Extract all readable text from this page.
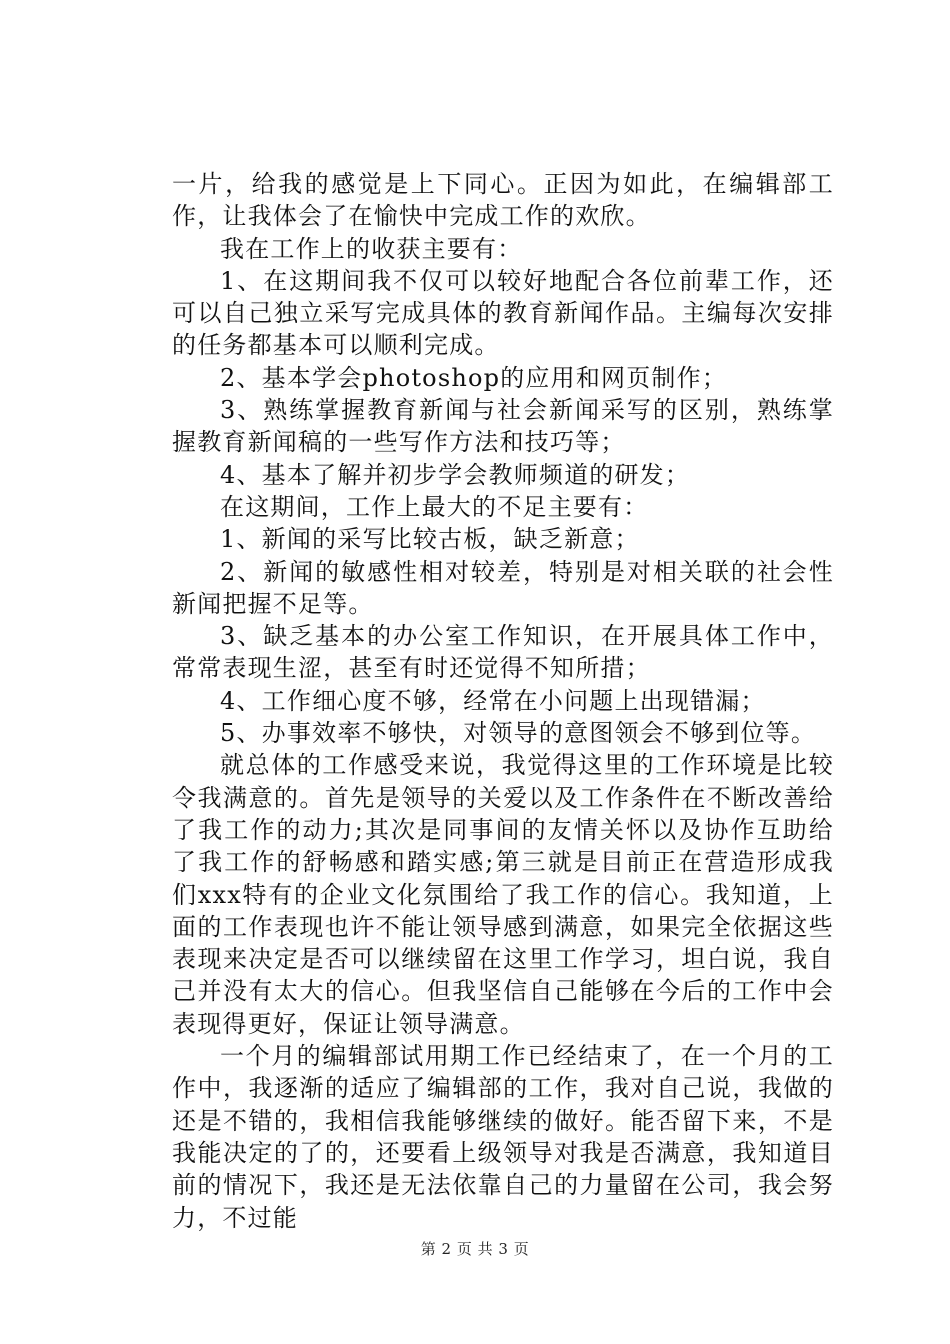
一片，给我的感觉是上下同心。正因为如此，在编辑部工作，让我体会了在愉快中完成工作的欢欣。

我在工作上的收获主要有：

1、在这期间我不仅可以较好地配合各位前辈工作，还可以自己独立采写完成具体的教育新闻作品。主编每次安排的任务都基本可以顺利完成。

2、基本学会photoshop的应用和网页制作；

3、熟练掌握教育新闻与社会新闻采写的区别，熟练掌握教育新闻稿的一些写作方法和技巧等；

4、基本了解并初步学会教师频道的研发；

在这期间，工作上最大的不足主要有：

1、新闻的采写比较古板，缺乏新意；

2、新闻的敏感性相对较差，特别是对相关联的社会性新闻把握不足等。

3、缺乏基本的办公室工作知识，在开展具体工作中，常常表现生涩，甚至有时还觉得不知所措；

4、工作细心度不够，经常在小问题上出现错漏；

5、办事效率不够快，对领导的意图领会不够到位等。

就总体的工作感受来说，我觉得这里的工作环境是比较令我满意的。首先是领导的关爱以及工作条件在不断改善给了我工作的动力;其次是同事间的友情关怀以及协作互助给了我工作的舒畅感和踏实感;第三就是目前正在营造形成我们xxx特有的企业文化氛围给了我工作的信心。我知道，上面的工作表现也许不能让领导感到满意，如果完全依据这些表现来决定是否可以继续留在这里工作学习，坦白说，我自己并没有太大的信心。但我坚信自己能够在今后的工作中会表现得更好，保证让领导满意。

一个月的编辑部试用期工作已经结束了，在一个月的工作中，我逐渐的适应了编辑部的工作，我对自己说，我做的还是不错的，我相信我能够继续的做好。能否留下来，不是我能决定的了的，还要看上级领导对我是否满意，我知道目前的情况下，我还是无法依靠自己的力量留在公司，我会努力，不过能

第 2 页 共 3 页
